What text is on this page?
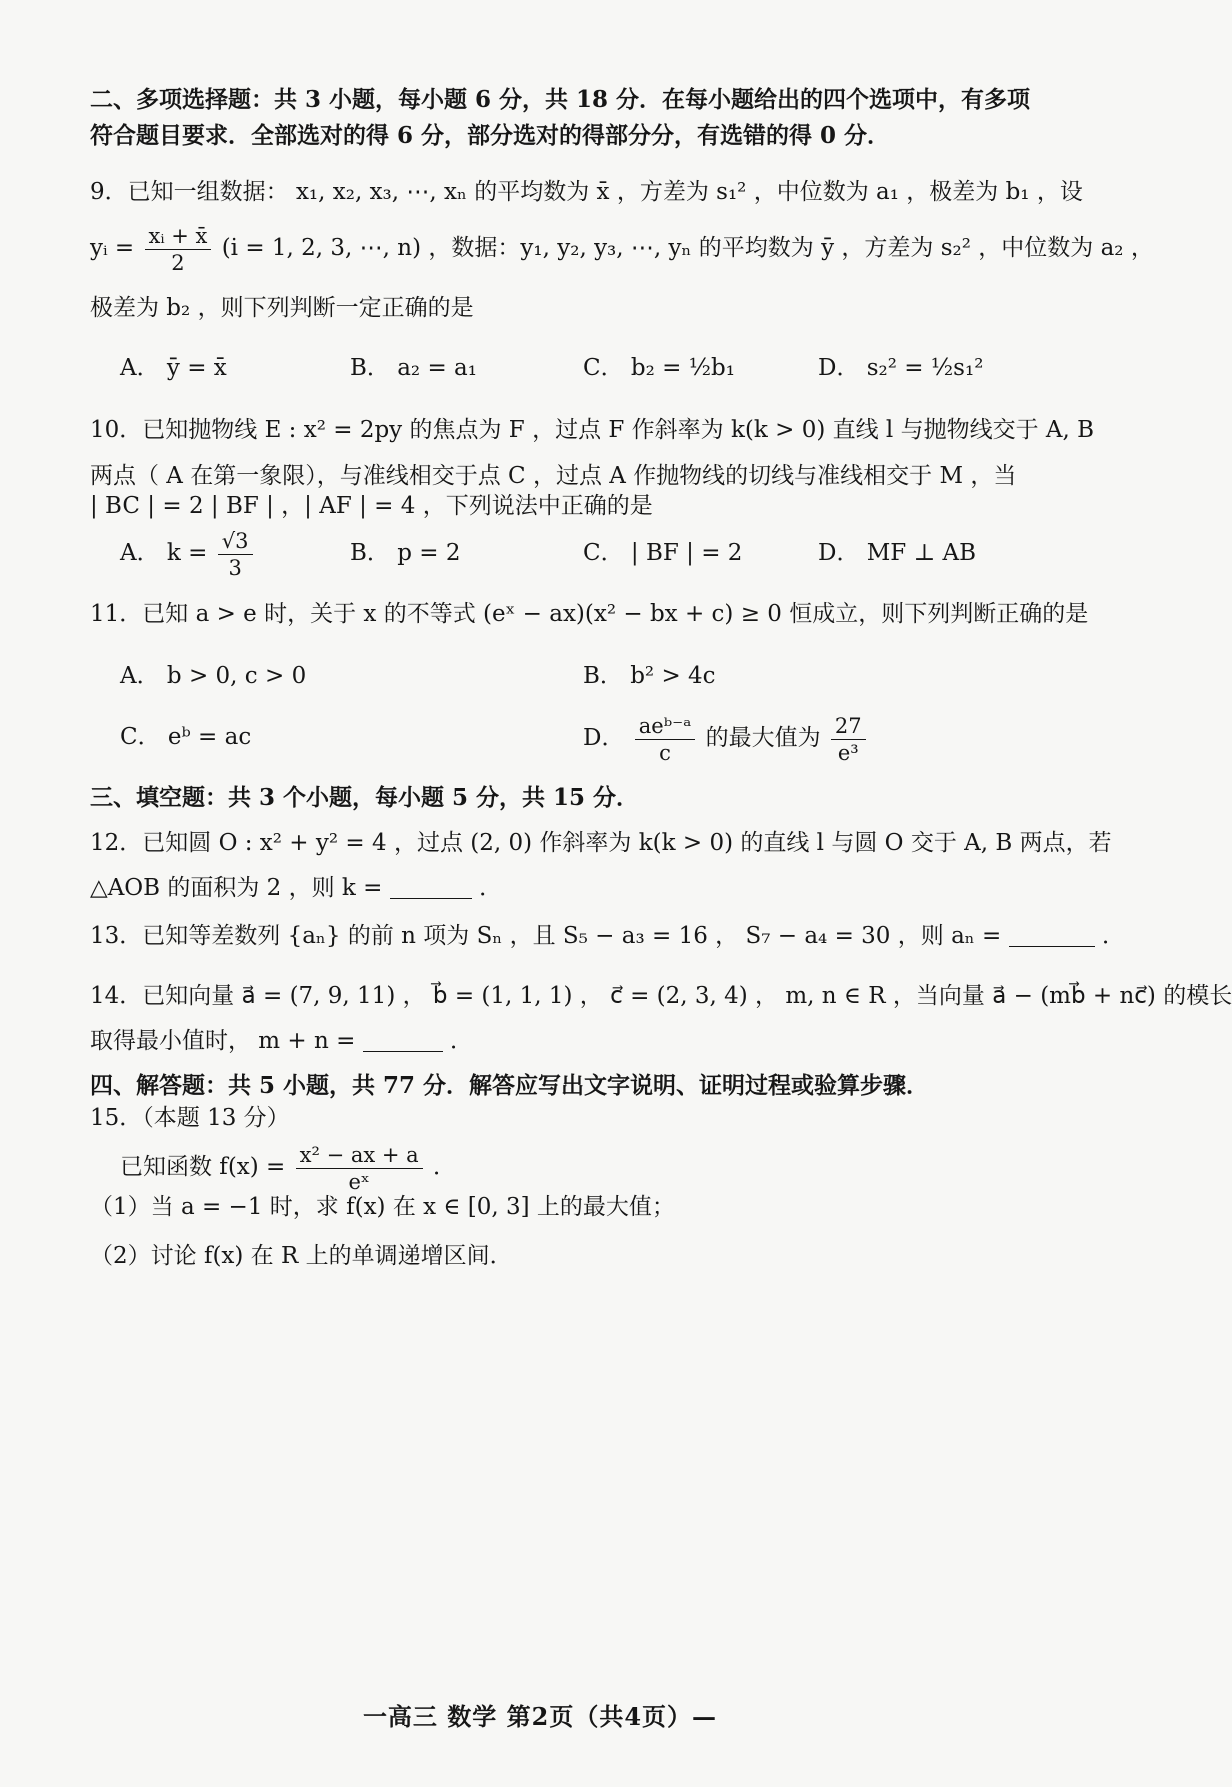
二、多项选择题：共 3 小题，每小题 6 分，共 18 分．在每小题给出的四个选项中，有多项
符合题目要求．全部选对的得 6 分，部分选对的得部分分，有选错的得 0 分．
9．已知一组数据： x₁, x₂, x₃, ⋯, xₙ 的平均数为 x̄ ，方差为 s₁² ，中位数为 a₁ ，极差为 b₁ ，设
yᵢ = $\frac{\text{xᵢ + x̄}}{2} (i = 1$, 2, 3, ⋯, n) ，数据：y₁, y₂, y₃, ⋯, yₙ 的平均数为 ȳ ，方差为 s₂² ，中位数为 a₂ ，
极差为 b₂ ，则下列判断一定正确的是
A． ȳ = x̄	B． a₂ = a₁	C． b₂ = ½b₁	D． s₂² = ½s₁²
10．已知抛物线 E : x² = 2py 的焦点为 F ，过点 F 作斜率为 k(k > 0) 直线 l 与抛物线交于 A, B
两点（ A 在第一象限），与准线相交于点 C ，过点 A 作抛物线的切线与准线相交于 M ，当
| BC | = 2 | BF | ，| AF | = 4 ，下列说法中正确的是
A． $k = \frac{√3}{3}$	B． p = 2	C． | BF | = 2	D． MF ⊥ AB
11．已知 a > e 时，关于 x 的不等式 (eˣ − ax)(x² − bx + c) ≥ 0 恒成立，则下列判断正确的是
A． b > 0, c > 0	B． b² > 4c
C． eᵇ = ac	D． $\frac{\text{aeᵇ⁻ᵃ}}{c}$ 的最大值为 $\frac{27}{\text{e³}}$
三、填空题：共 3 个小题，每小题 5 分，共 15 分．
12．已知圆 O : x² + y² = 4 ，过点 (2, 0) 作斜率为 k(k > 0) 的直线 l 与圆 O 交于 A, B 两点，若
△AOB 的面积为 2 ，则 k =	．
13．已知等差数列 {aₙ} 的前 n 项为 Sₙ ，且 S₅ − a₃ = 16 ， S₇ − a₄ = 30 ，则 aₙ =	．
14．已知向量 a⃗ = (7, 9, 11) ， b⃗ = (1, 1, 1) ， c⃗ = (2, 3, 4) ， m, n ∈ R ，当向量 a⃗ − (mb⃗ + nc⃗) 的模长
取得最小值时， m + n =	．
四、解答题：共 5 小题，共 77 分．解答应写出文字说明、证明过程或验算步骤．
15．（本题 13 分）
已知函数 $f(x) = \frac{\text{x² − ax + a}}{\text{eˣ}}$ ．
（1）当 a = −1 时，求 f(x) 在 x ∈ [0, 3] 上的最大值；
（2）讨论 f(x) 在 R 上的单调递增区间．
一高三 数学 第2页（共4页）—
